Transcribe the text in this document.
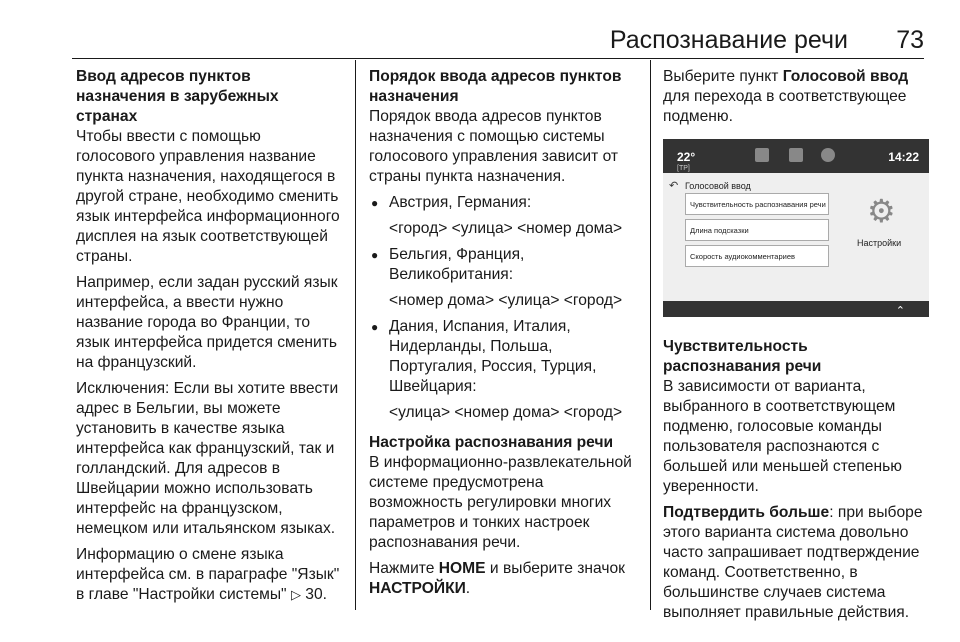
Распознавание речи 73

Ввод адресов пунктов назначения в зарубежных странах
Чтобы ввести с помощью голосового управления название пункта назначения, находящегося в другой стране, необходимо сменить язык интерфейса информационного дисплея на язык соответствующей страны.

Например, если задан русский язык интерфейса, а ввести нужно название города во Франции, то язык интерфейса придется сменить на французский.

Исключения: Если вы хотите ввести адрес в Бельгии, вы можете установить в качестве языка интерфейса как французский, так и голландский. Для адресов в Швейцарии можно использовать интерфейс на французском, немецком или итальянском языках.

Информацию о смене языка интерфейса см. в параграфе "Язык" в главе "Настройки системы" ▷ 30.

Порядок ввода адресов пунктов назначения
Порядок ввода адресов пунктов назначения с помощью системы голосового управления зависит от страны пункта назначения.

● Австрия, Германия:
<город> <улица> <номер дома>
● Бельгия, Франция, Великобритания:
<номер дома> <улица> <город>
● Дания, Испания, Италия, Нидерланды, Польша, Португалия, Россия, Турция, Швейцария:
<улица> <номер дома> <город>

Настройка распознавания речи
В информационно-развлекательной системе предусмотрена возможность регулировки многих параметров и тонких настроек распознавания речи.

Нажмите HOME и выберите значок НАСТРОЙКИ.

Выберите пункт Голосовой ввод для перехода в соответствующее подменю.

22°
[TP]
14:22
↶ Голосовой ввод
Чувствительность распознавания речи
Длина подсказки
Скорость аудиокомментариев
⚙
Настройки
⌃

Чувствительность распознавания речи
В зависимости от варианта, выбранного в соответствующем подменю, голосовые команды пользователя распознаются с большей или меньшей степенью уверенности.

Подтвердить больше: при выборе этого варианта система довольно часто запрашивает подтверждение команд. Соответственно, в большинстве случаев система выполняет правильные действия.
